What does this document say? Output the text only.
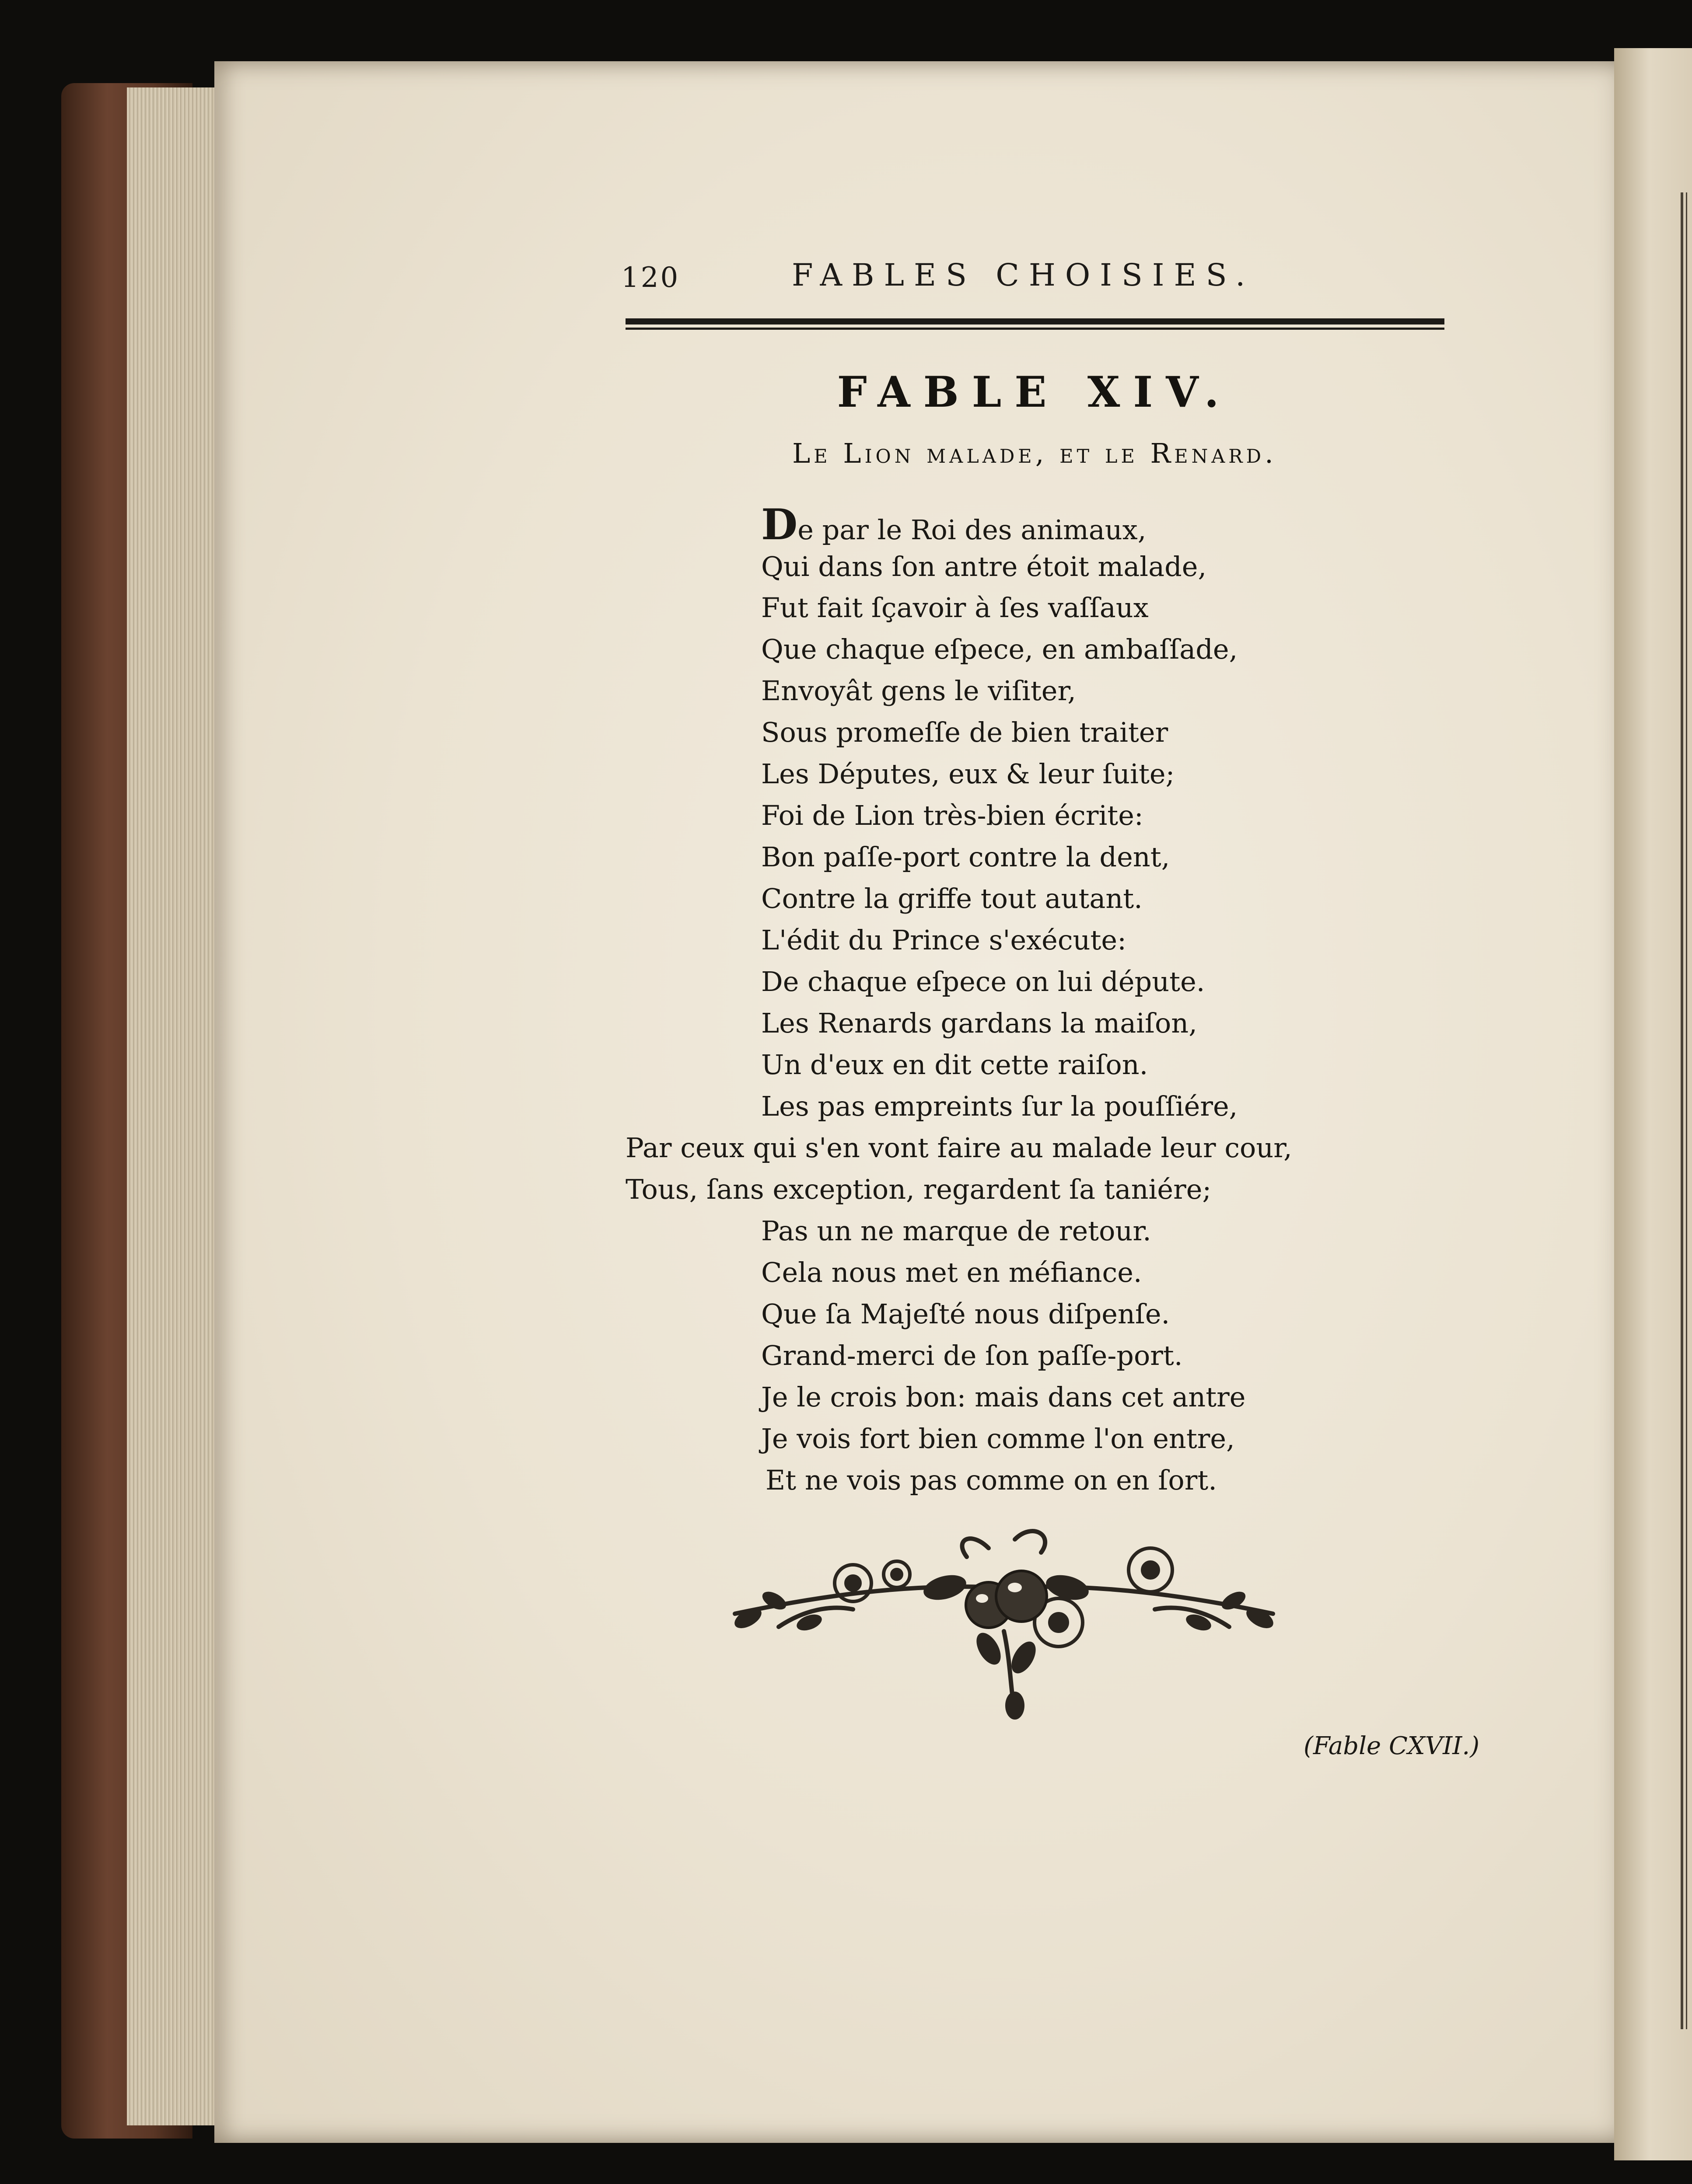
120	FABLES CHOISIES.
FABLE XIV.
Le Lion malade, et le Renard.
De par le Roi des animaux,
Qui dans ſon antre étoit malade,
Fut fait ſçavoir à ſes vaſſaux
Que chaque eſpece, en ambaſſade,
Envoyât gens le viſiter,
Sous promeſſe de bien traiter
Les Députes, eux & leur ſuite;
Foi de Lion très-bien écrite:
Bon paſſe-port contre la dent,
Contre la griffe tout autant.
L'édit du Prince s'exécute:
De chaque eſpece on lui députe.
Les Renards gardans la maiſon,
Un d'eux en dit cette raiſon.
Les pas empreints ſur la pouſſiére,
Par ceux qui s'en vont faire au malade leur cour,
Tous, ſans exception, regardent ſa taniére;
Pas un ne marque de retour.
Cela nous met en méfiance.
Que ſa Majeſté nous diſpenſe.
Grand-merci de ſon paſſe-port.
Je le crois bon: mais dans cet antre
Je vois fort bien comme l'on entre,
Et ne vois pas comme on en ſort.
(Fable CXVII.)
